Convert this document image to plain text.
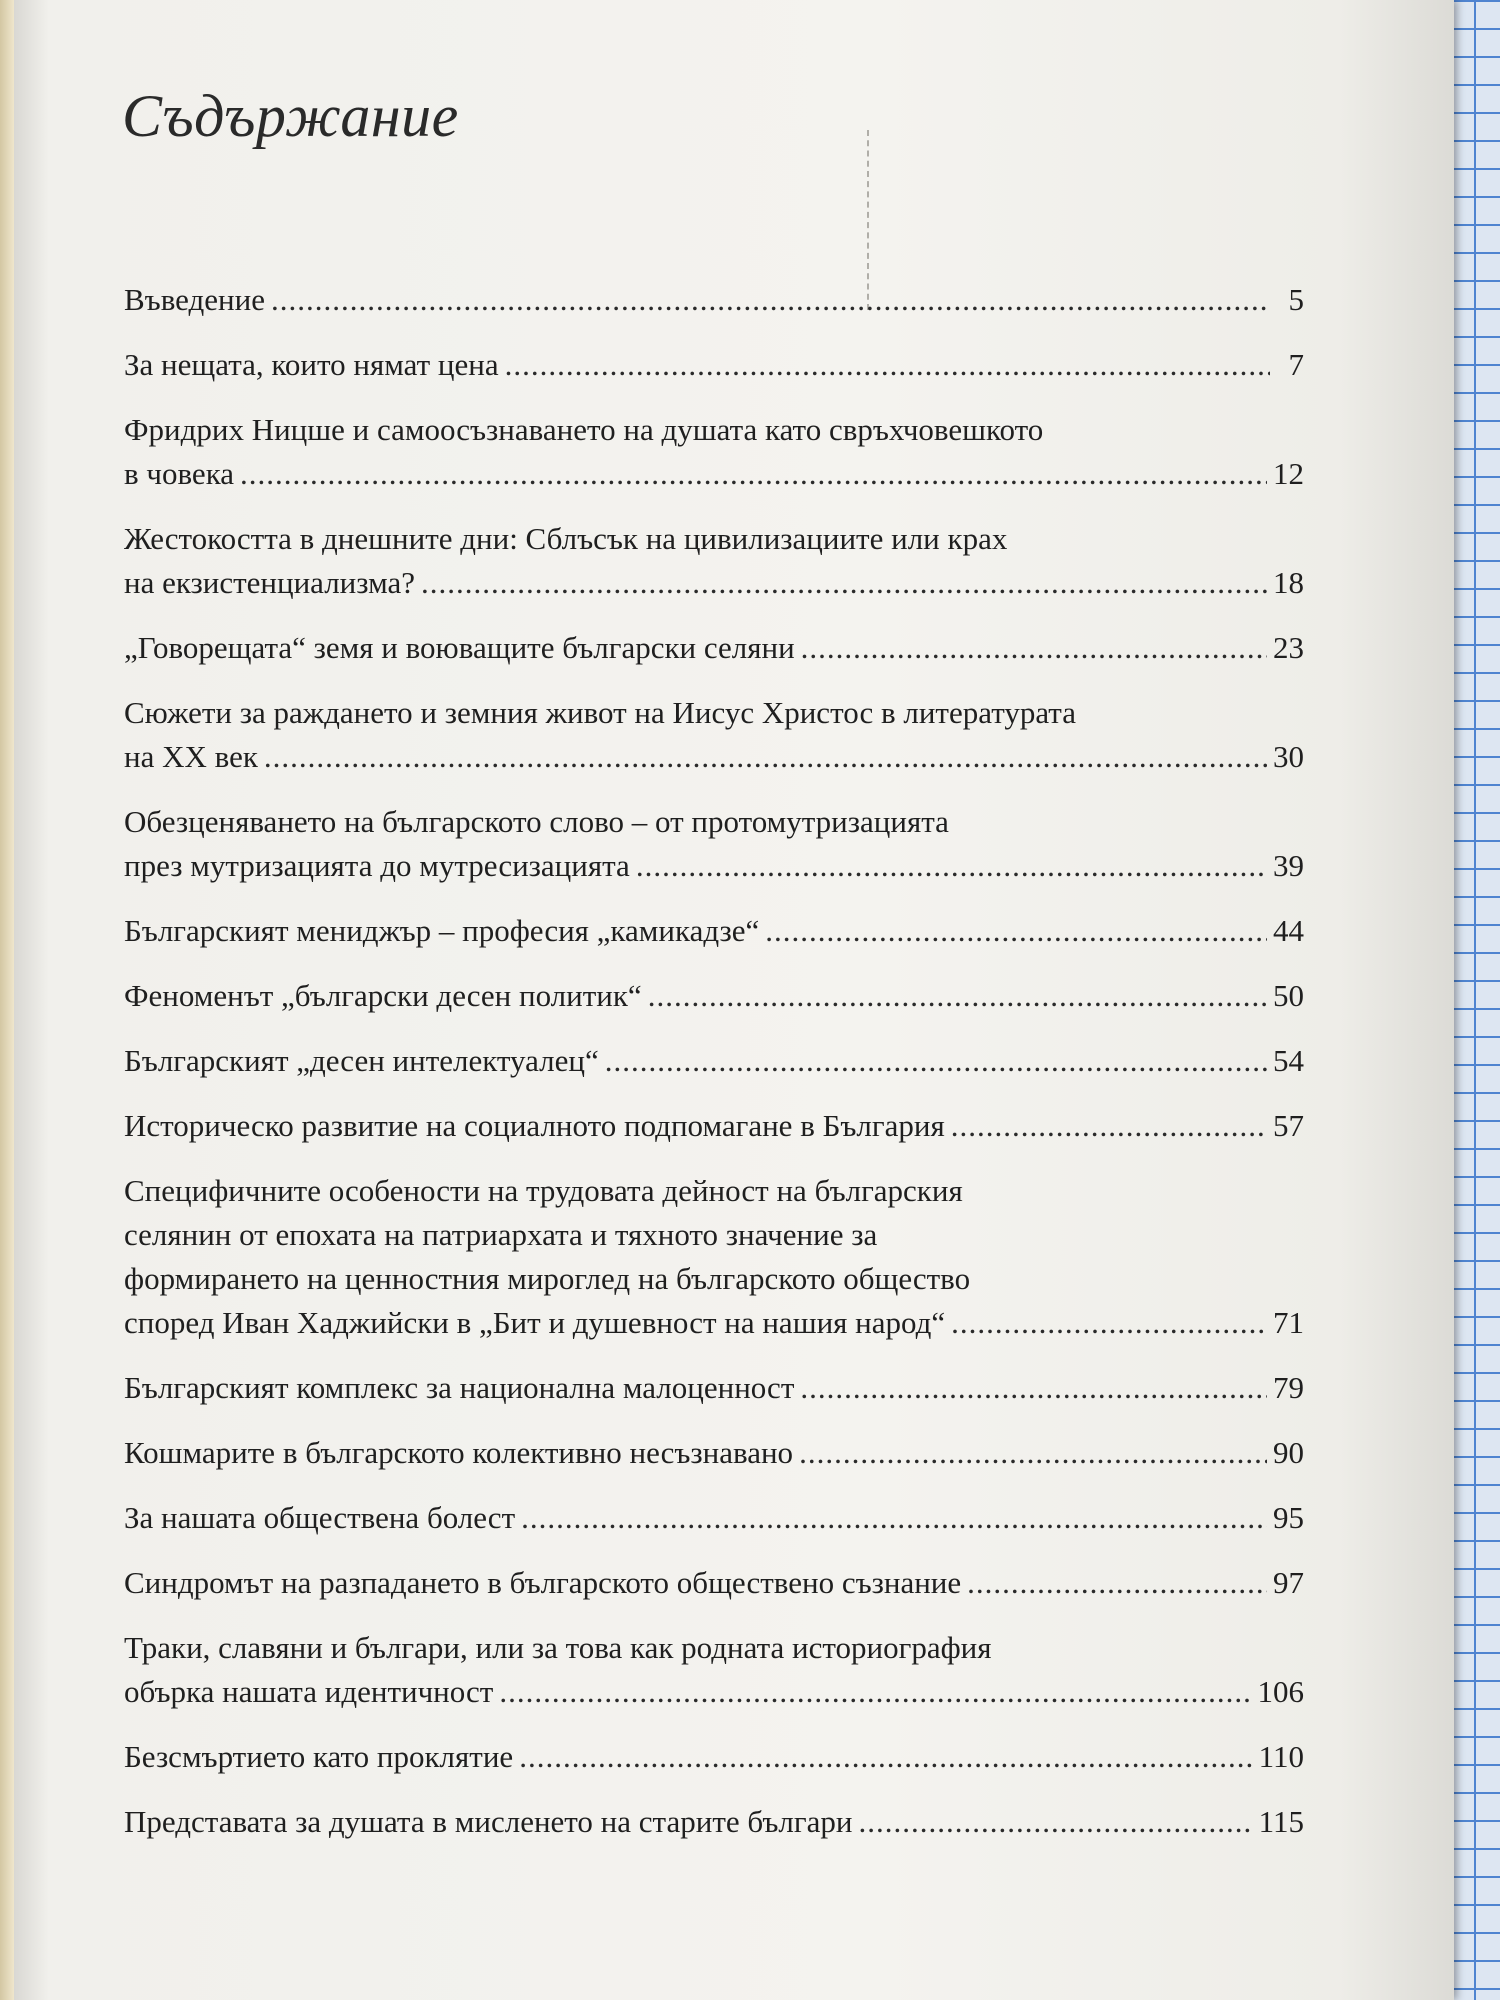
Съдържание
Въведение .....	5
За нещата, които нямат цена .....	7
Фридрих Ницше и самоосъзнаването на душата като свръхчовешкото
в човека .....	12
Жестокостта в днешните дни: Сблъсък на цивилизациите или крах
на екзистенциализма? .....	18
„Говорещата“ земя и воюващите български селяни .....	23
Сюжети за раждането и земния живот на Иисус Христос в литературата
на XX век .....	30
Обезценяването на българското слово – от протомутризацията
през мутризацията до мутресизацията .....	39
Българският мениджър – професия „камикадзе“ .....	44
Феноменът „български десен политик“ .....	50
Българският „десен интелектуалец“ .....	54
Историческо развитие на социалното подпомагане в България .....	57
Специфичните особености на трудовата дейност на българския
селянин от епохата на патриархата и тяхното значение за
формирането на ценностния мироглед на българското общество
според Иван Хаджийски в „Бит и душевност на нашия народ“ .....	71
Българският комплекс за национална малоценност .....	79
Кошмарите в българското колективно несъзнавано .....	90
За нашата обществена болест .....	95
Синдромът на разпадането в българското обществено съзнание .....	97
Траки, славяни и българи, или за това как родната историография
обърка нашата идентичност .....	106
Безсмъртието като проклятие .....	110
Представата за душата в мисленето на старите българи .....	115
